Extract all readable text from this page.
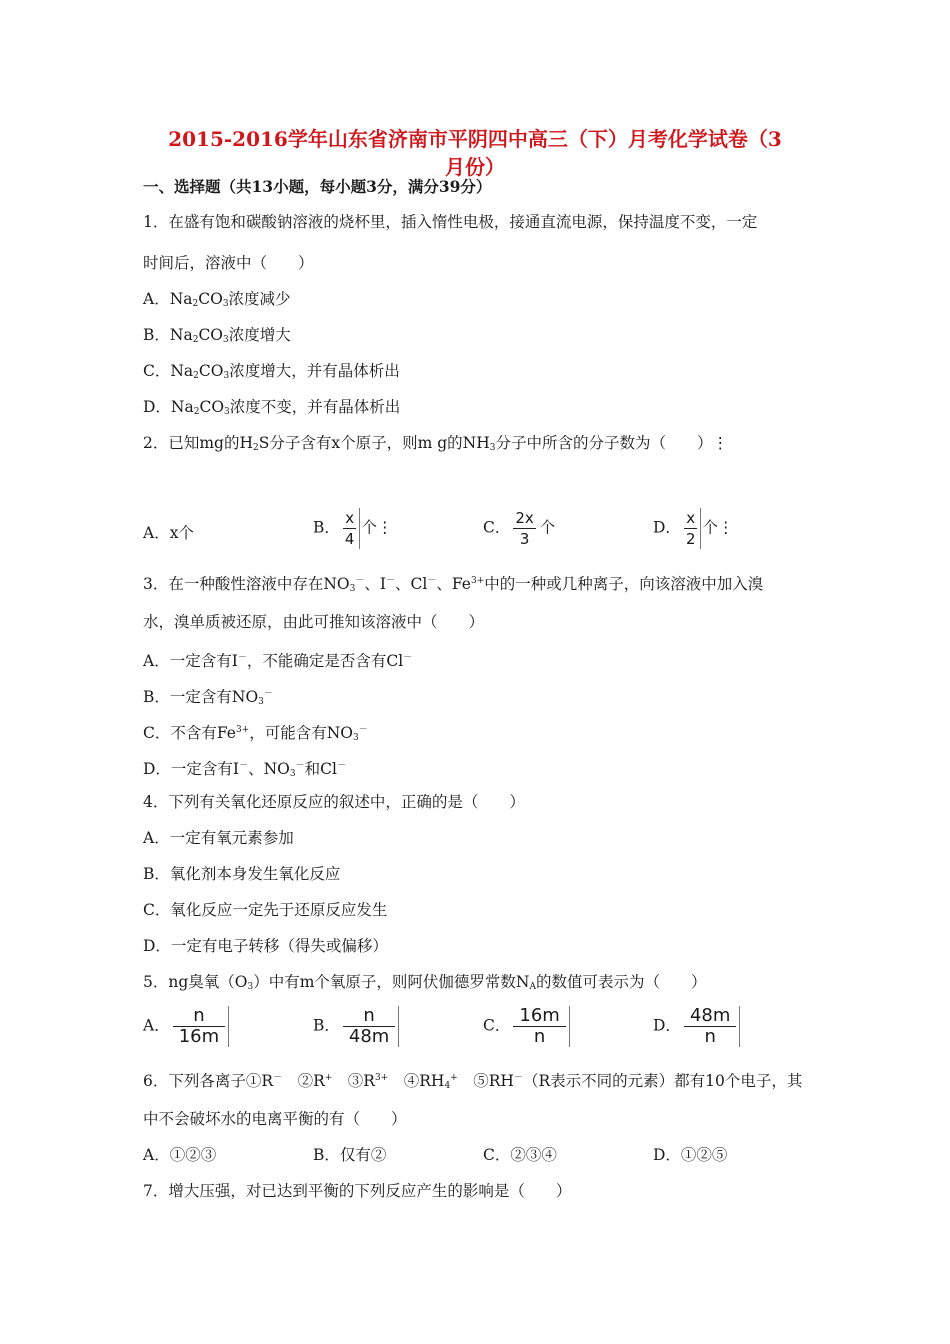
2015-2016学年山东省济南市平阴四中高三（下）月考化学试卷（3
月份）
一、选择题（共13小题，每小题3分，满分39分）
1．在盛有饱和碳酸钠溶液的烧杯里，插入惰性电极，接通直流电源，保持温度不变，一定
时间后，溶液中（　　）
A．$Na_2CO_3$浓度减少
B．$Na_2CO_3$浓度增大
C．$Na_2CO_3$浓度增大，并有晶体析出
D．$Na_2CO_3$浓度不变，并有晶体析出
2．已知mg的$H_2S$分子含有x个原子，则m g的$NH_3$分子中所含的分子数为（　　）⋮
A．x个	B． $\frac{x}{4}$ 个⋮	C． $\frac{2x}{3}$ 个	D． $\frac{x}{2}$ 个⋮
3．在一种酸性溶液中存在$NO_3^-$、I－、Cl－、$Fe^{3+}$中的一种或几种离子，向该溶液中加入溴
水，溴单质被还原，由此可推知该溶液中（　　）
A．一定含有I－，不能确定是否含有Cl－
B．一定含有$NO_3^-$
C．不含有$Fe^{3+}$，可能含有$NO_3^-$
D．一定含有I－、$NO_3^-$和Cl－
4．下列有关氧化还原反应的叙述中，正确的是（　　）
A．一定有氧元素参加
B．氧化剂本身发生氧化反应
C．氧化反应一定先于还原反应发生
D．一定有电子转移（得失或偏移）
5．ng臭氧$(O_3)$中有m个氧原子，则阿伏伽德罗常数$N_A$的数值可表示为（　　）
A． $\frac{n}{16m}$	B． $\frac{n}{48m}$	C． $\frac{16m}{n}$	D． $\frac{48m}{n}$
6．下列各离子①R－　②R+　$③R^{3+}$　$④RH_4^+$　⑤RH－（R表示不同的元素）都有10个电子，其
中不会破坏水的电离平衡的有（　　）
A．①②③	B．仅有②	C．②③④	D．①②⑤
7．增大压强，对已达到平衡的下列反应产生的影响是（　　）
